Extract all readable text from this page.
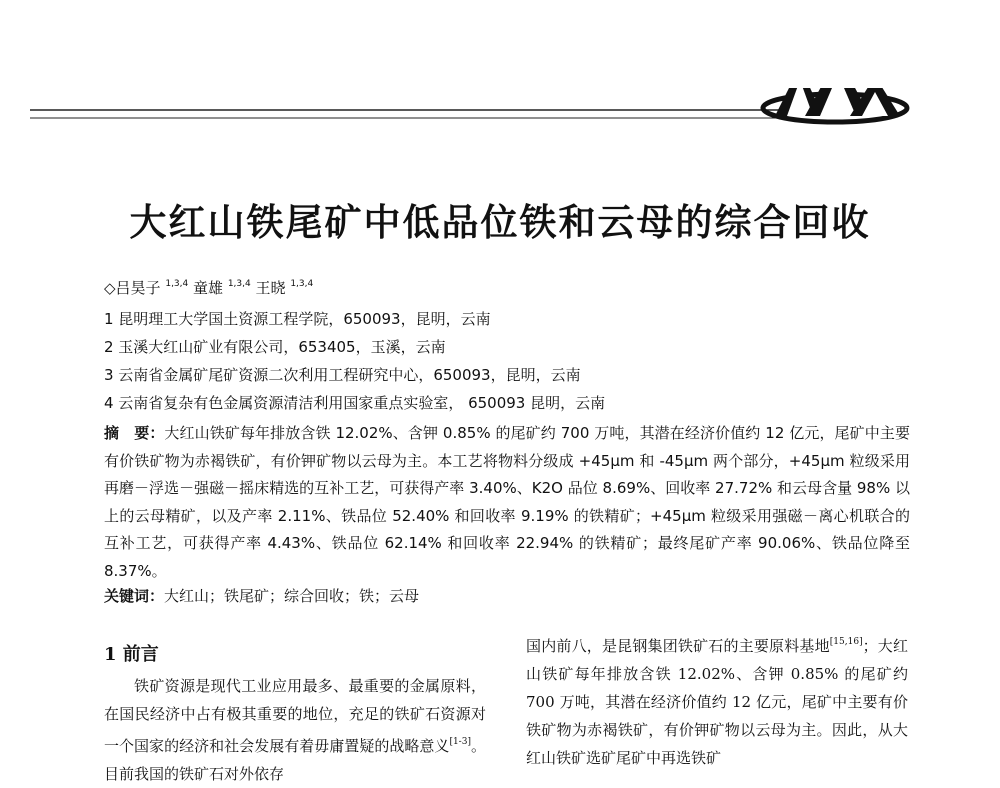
大红山铁尾矿中低品位铁和云母的综合回收
◇吕昊子 $^{1,3,4}$ 童雄 $^{1,3,4}$ 王晓 $^{1,3,4}$
1 昆明理工大学国土资源工程学院，650093，昆明，云南
2 玉溪大红山矿业有限公司，653405，玉溪，云南
3 云南省金属矿尾矿资源二次利用工程研究中心，650093，昆明，云南
4 云南省复杂有色金属资源清洁利用国家重点实验室， 650093 昆明，云南

摘　要：大红山铁矿每年排放含铁 12.02%、含钾 0.85% 的尾矿约 700 万吨，其潜在经济价值约 12 亿元，尾矿中主要有价铁矿物为赤褐铁矿，有价钾矿物以云母为主。本工艺将物料分级成 +45μm 和 -45μm 两个部分，+45μm 粒级采用再磨－浮选－强磁－摇床精选的互补工艺，可获得产率 3.40%、K2O 品位 8.69%、回收率 27.72% 和云母含量 98% 以上的云母精矿，以及产率 2.11%、铁品位 52.40% 和回收率 9.19% 的铁精矿；+45μm 粒级采用强磁－离心机联合的互补工艺，可获得产率 4.43%、铁品位 62.14% 和回收率 22.94% 的铁精矿；最终尾矿产率 90.06%、铁品位降至 8.37%。

关键词：大红山；铁尾矿；综合回收；铁；云母

1 前言

铁矿资源是现代工业应用最多、最重要的金属原料，在国民经济中占有极其重要的地位，充足的铁矿石资源对一个国家的经济和社会发展有着毋庸置疑的战略意义[1-3]。目前我国的铁矿石对外依存

国内前八，是昆钢集团铁矿石的主要原料基地[15,16]；大红山铁矿每年排放含铁 12.02%、含钾 0.85% 的尾矿约 700 万吨，其潜在经济价值约 12 亿元，尾矿中主要有价铁矿物为赤褐铁矿，有价钾矿物以云母为主。因此，从大红山铁矿选矿尾矿中再选铁矿
